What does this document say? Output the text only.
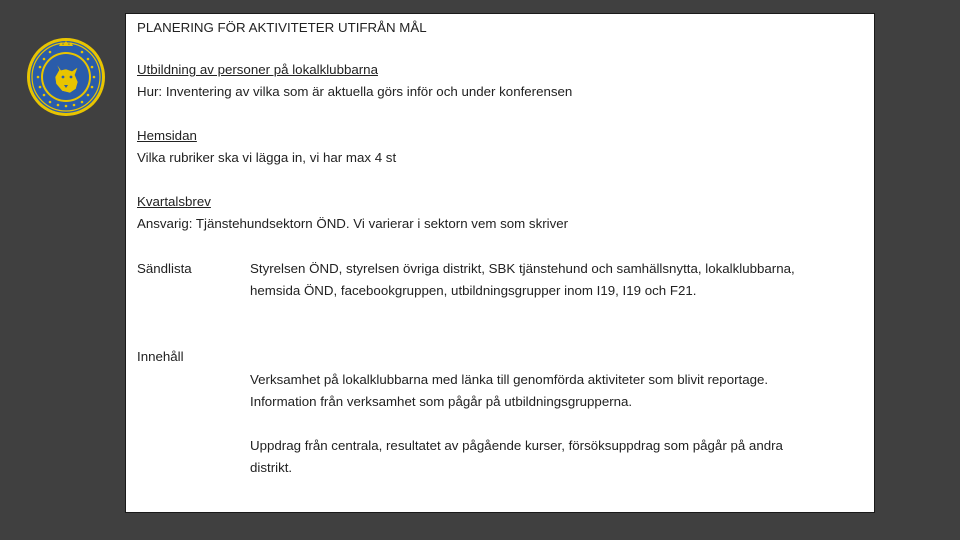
PLANERING FÖR AKTIVITETER UTIFRÅN MÅL
Utbildning av personer på lokalklubbarna
Hur: Inventering av vilka som är aktuella görs inför och under konferensen
Hemsidan
Vilka rubriker ska vi lägga in, vi har max 4 st
Kvartalsbrev
Ansvarig: Tjänstehundsektorn ÖND. Vi varierar i sektorn vem som skriver
Sändlista	Styrelsen ÖND, styrelsen övriga distrikt, SBK tjänstehund och samhällsnytta, lokalklubbarna,
hemsida ÖND, facebookgruppen, utbildningsgrupper inom I19, I19 och F21.
Innehåll
Verksamhet på lokalklubbarna med länka till genomförda aktiviteter som blivit reportage.
Information från verksamhet som pågår på utbildningsgrupperna.
Uppdrag från centrala, resultatet av pågående kurser, försöksuppdrag som pågår på andra
distrikt.
